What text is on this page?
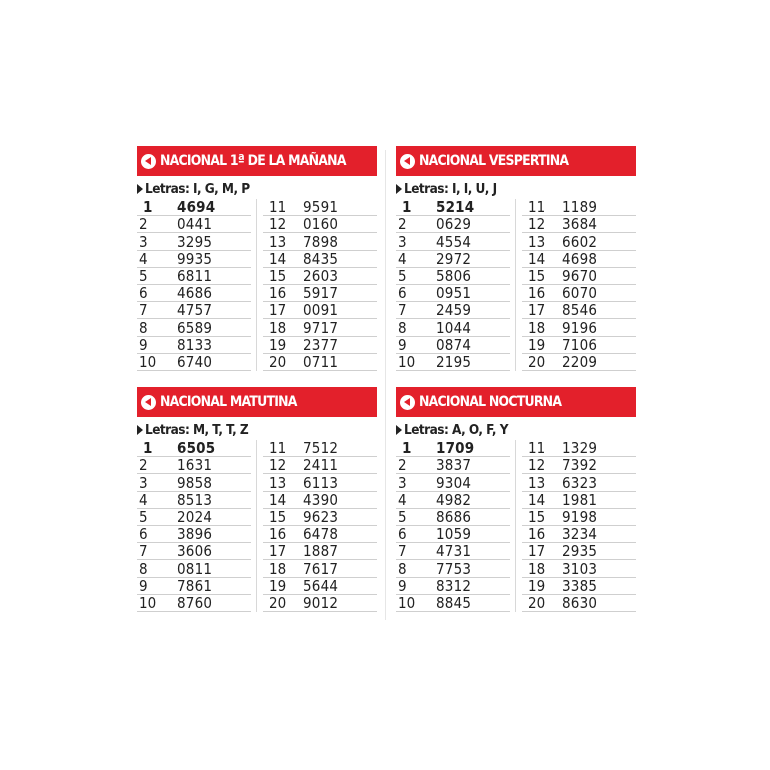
NACIONAL 1ª DE LA MAÑANA
Letras: I, G, M, P
1	4694
2	0441
3	3295
4	9935
5	6811
6	4686
7	4757
8	6589
9	8133
10	6740
11	9591
12	0160
13	7898
14	8435
15	2603
16	5917
17	0091
18	9717
19	2377
20	0711
NACIONAL VESPERTINA
Letras: I, I, U, J
1	5214
2	0629
3	4554
4	2972
5	5806
6	0951
7	2459
8	1044
9	0874
10	2195
11	1189
12	3684
13	6602
14	4698
15	9670
16	6070
17	8546
18	9196
19	7106
20	2209
NACIONAL MATUTINA
Letras: M, T, T, Z
1	6505
2	1631
3	9858
4	8513
5	2024
6	3896
7	3606
8	0811
9	7861
10	8760
11	7512
12	2411
13	6113
14	4390
15	9623
16	6478
17	1887
18	7617
19	5644
20	9012
NACIONAL NOCTURNA
Letras: A, O, F, Y
1	1709
2	3837
3	9304
4	4982
5	8686
6	1059
7	4731
8	7753
9	8312
10	8845
11	1329
12	7392
13	6323
14	1981
15	9198
16	3234
17	2935
18	3103
19	3385
20	8630
